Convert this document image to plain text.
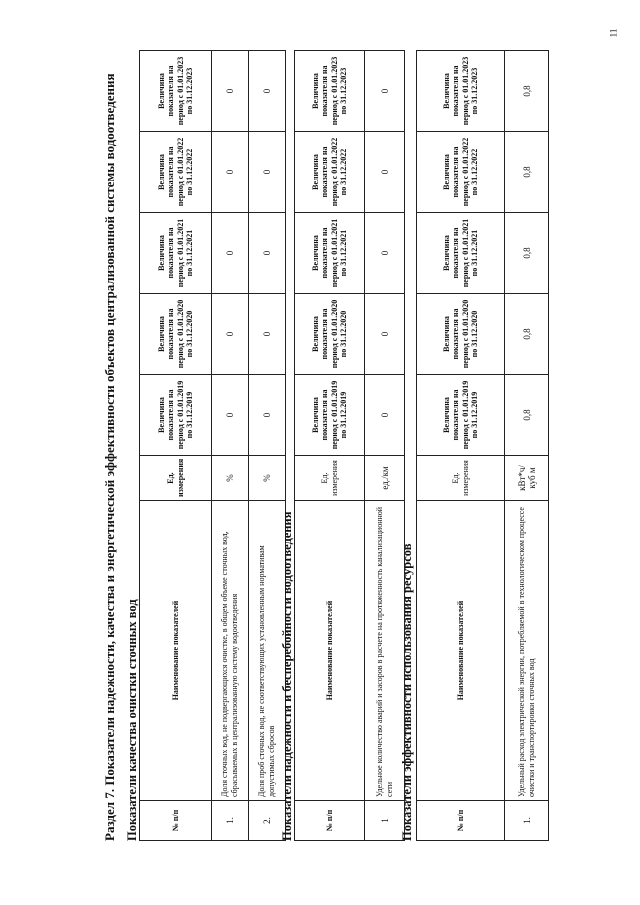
11
Раздел 7. Показатели надежности, качества и энергетической эффективности объектов централизованной системы водоотведения Показатели качества очистки сточных вод	№ п/п	Наименование показателей	Ед. измерения	Величина показателя на период с 01.01.2019 по 31.12.2019	Величина показателя на период с 01.01.2020 по 31.12.2020	Величина показателя на период с 01.01.2021 по 31.12.2021	Величина показателя на период с 01.01.2022 по 31.12.2022	Величина показателя на период с 01.01.2023 по 31.12.2023
1.	Доля сточных вод, не подвергающихся очистке, в общем объеме сточных вод, сбрасываемых в централизованную систему водоотведения	%	0	0	0	0	0
2.	Доля проб сточных вод, не соответствующих установленным нормативам допустимых сбросов	%	0	0	0	0	0
Показатели надежности и бесперебойности водоотведения	№ п/п	Наименование показателей	Ед. измерения	Величина показателя на период с 01.01.2019 по 31.12.2019	Величина показателя на период с 01.01.2020 по 31.12.2020	Величина показателя на период с 01.01.2021 по 31.12.2021	Величина показателя на период с 01.01.2022 по 31.12.2022	Величина показателя на период с 01.01.2023 по 31.12.2023
1	Удельное количество аварий и засоров в расчете на протяженность канализационной сети	ед./км	0	0	0	0	0
Показатели эффективности использования ресурсов	№ п/п	Наименование показателей	Ед. измерения	Величина показателя на период с 01.01.2019 по 31.12.2019	Величина показателя на период с 01.01.2020 по 31.12.2020	Величина показателя на период с 01.01.2021 по 31.12.2021	Величина показателя на период с 01.01.2022 по 31.12.2022	Величина показателя на период с 01.01.2023 по 31.12.2023
1.	Удельный расход электрической энергии, потребляемой в технологическом процессе очистки и транспортировки сточных вод	кВт*ч/куб м	0,8	0,8	0,8	0,8	0,8
